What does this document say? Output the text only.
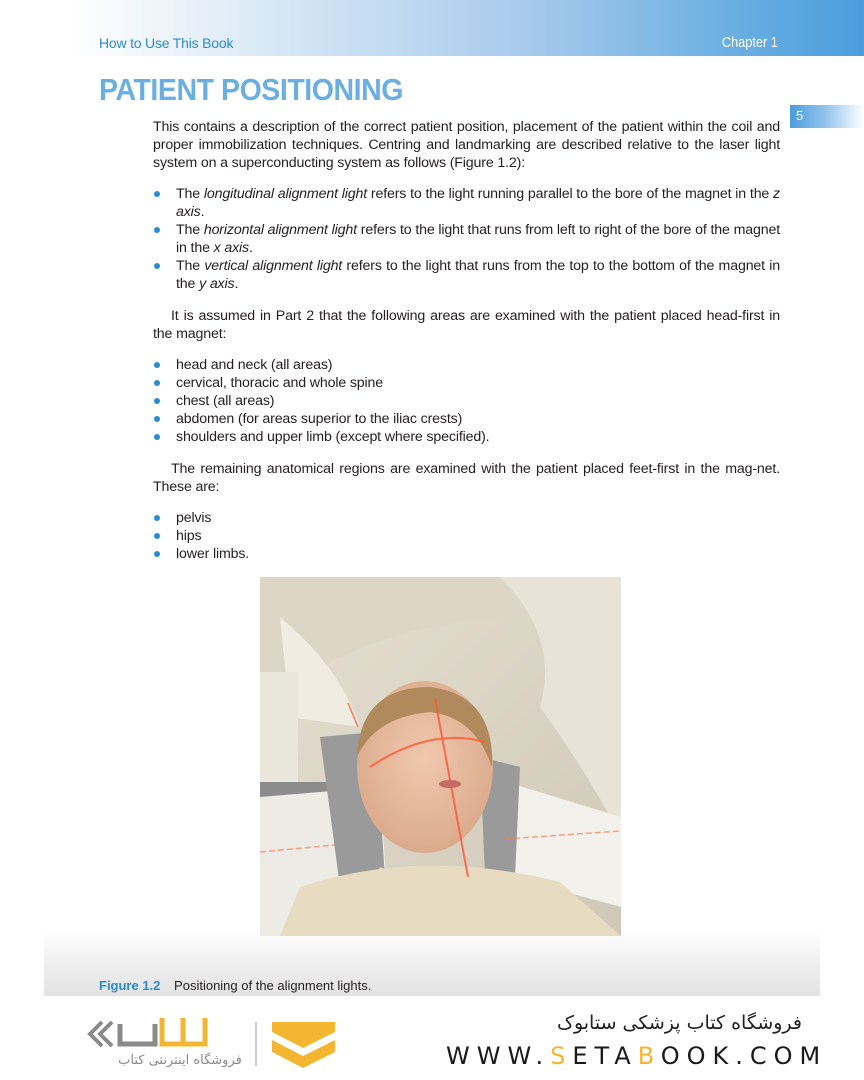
How to Use This Book	Chapter 1
PATIENT POSITIONING
5

This contains a description of the correct patient position, placement of the patient within the coil and proper immobilization techniques. Centring and landmarking are described relative to the laser light system on a superconducting system as follows (Figure 1.2):

The longitudinal alignment light refers to the light running parallel to the bore of the magnet in the z axis.
The horizontal alignment light refers to the light that runs from left to right of the bore of the magnet in the x axis.
The vertical alignment light refers to the light that runs from the top to the bottom of the magnet in the y axis.

It is assumed in Part 2 that the following areas are examined with the patient placed head-first in the magnet:

head and neck (all areas)
cervical, thoracic and whole spine
chest (all areas)
abdomen (for areas superior to the iliac crests)
shoulders and upper limb (except where specified).

The remaining anatomical regions are examined with the patient placed feet-first in the mag-net. These are:

pelvis
hips
lower limbs.
Figure 1.2 Positioning of the alignment lights.
فروشگاه اینترنتی کتاب
فروشگاه کتاب پزشکی ستابوک
WWW.SETABOOK.COM
